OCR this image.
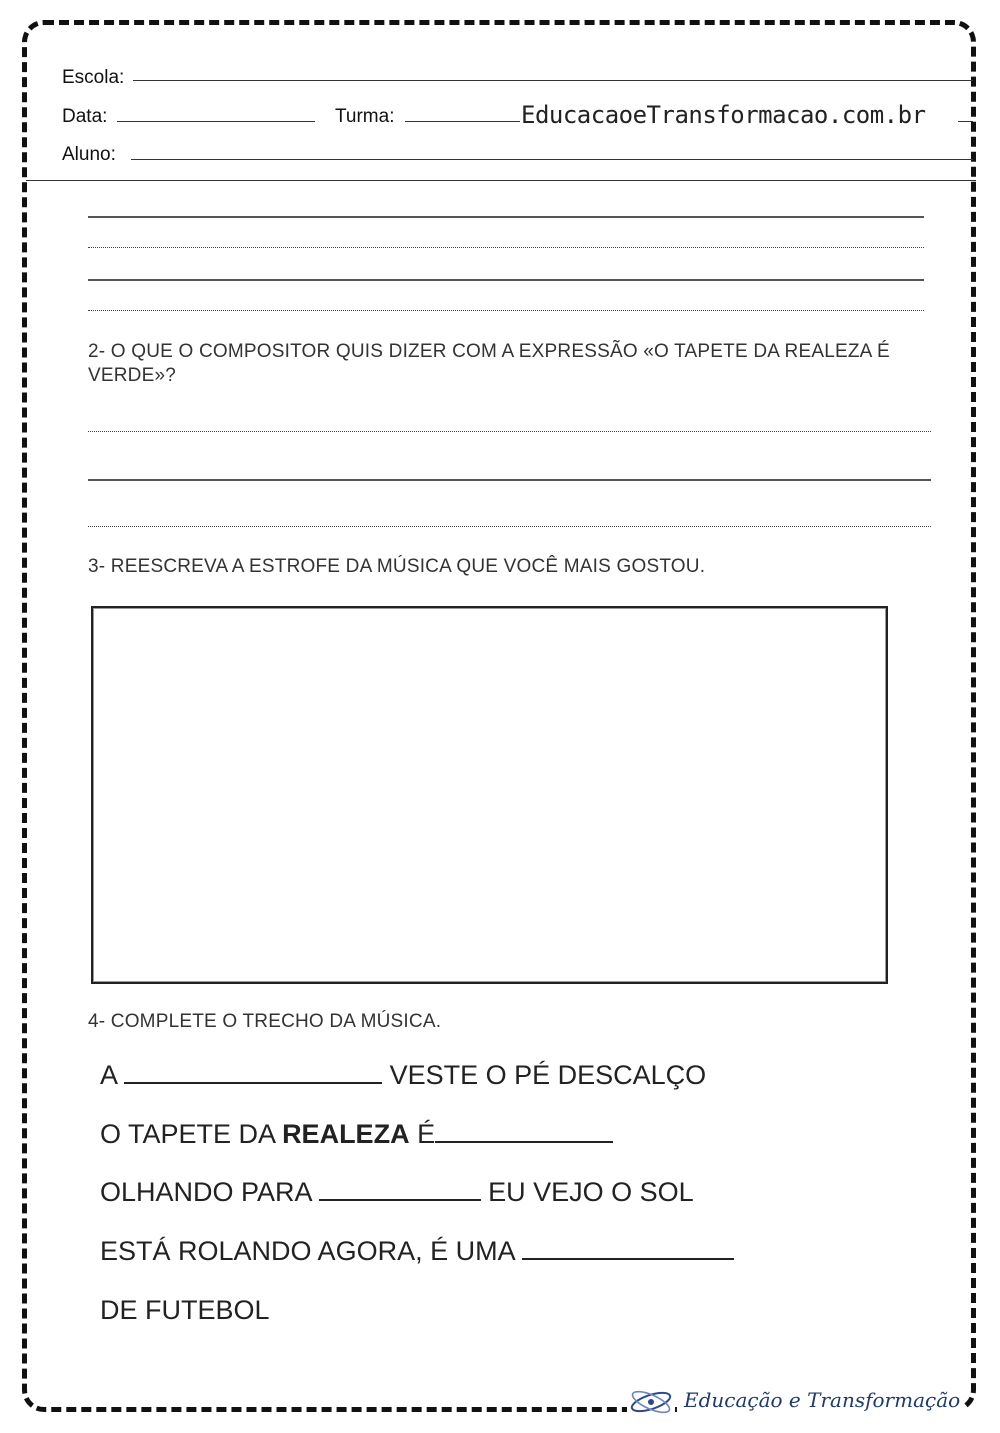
Escola:
Data:	Turma:	EducacaoeTransformacao.com.br
Aluno:
2- O QUE O COMPOSITOR QUIS DIZER COM A EXPRESSÃO «O TAPETE DA REALEZA É VERDE»?
3- REESCREVA A ESTROFE DA MÚSICA QUE VOCÊ MAIS GOSTOU.
4- COMPLETE O TRECHO DA MÚSICA.
A	VESTE O PÉ DESCALÇO
O TAPETE DA REALEZA É
OLHANDO PARA	EU VEJO O SOL
ESTÁ ROLANDO AGORA, É UMA
DE FUTEBOL
Educação e Transformação
